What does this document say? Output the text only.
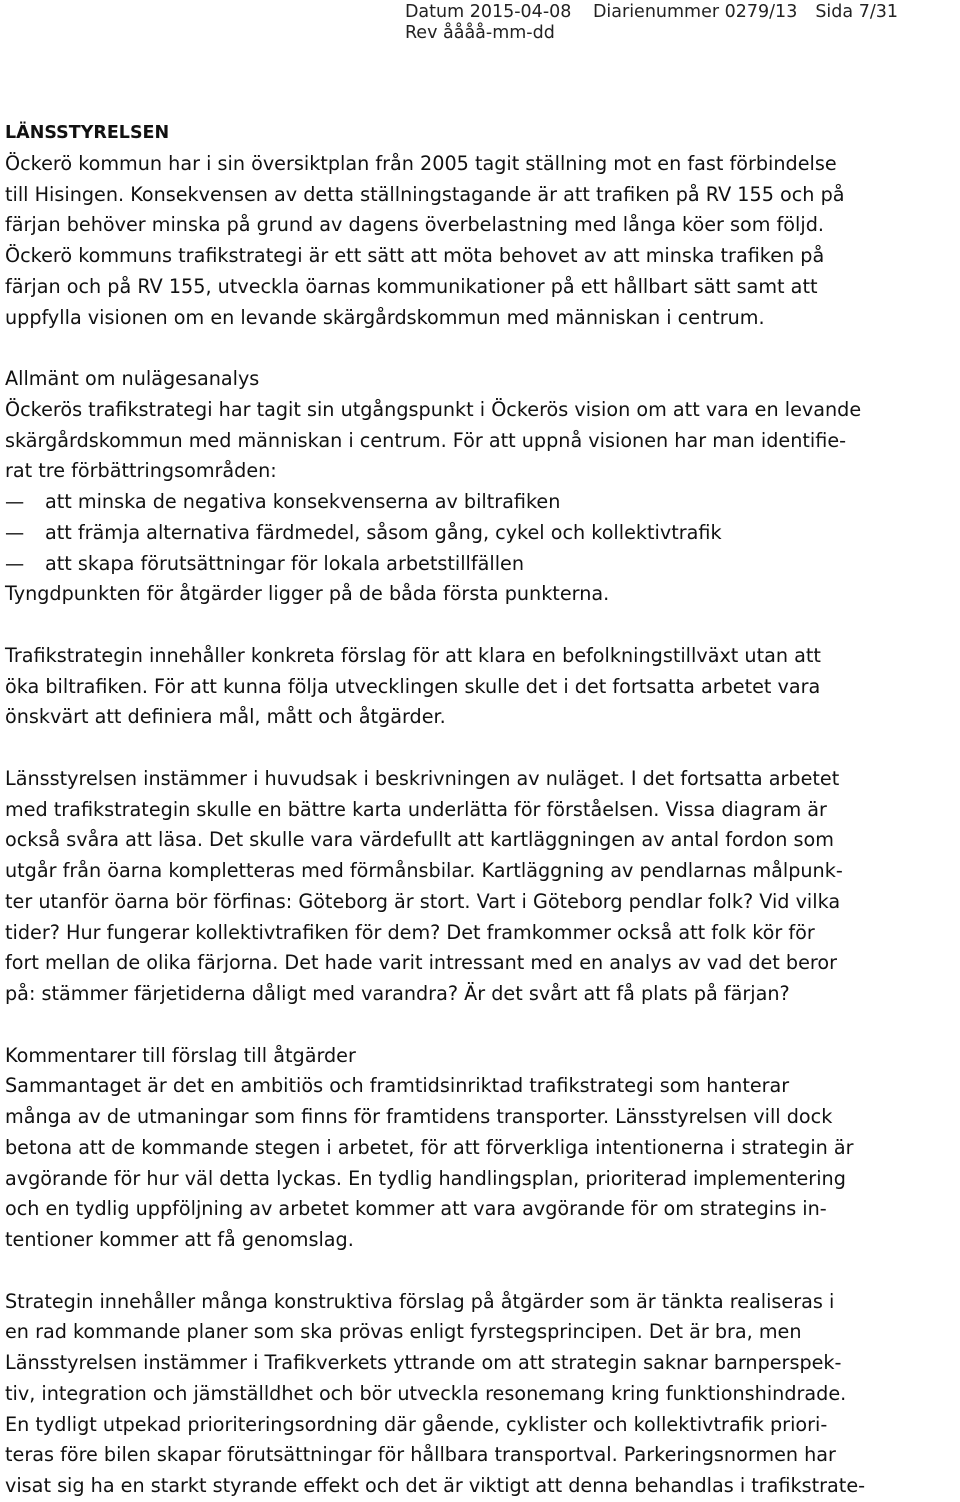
Datum 2015-04-08 Diarienummer 0279/13 Sida 7/31
Rev åååå-mm-dd

LÄNSSTYRELSEN

Öckerö kommun har i sin översiktplan från 2005 tagit ställning mot en fast förbindelse

till Hisingen. Konsekvensen av detta ställningstagande är att trafiken på RV 155 och på

färjan behöver minska på grund av dagens överbelastning med långa köer som följd.

Öckerö kommuns trafikstrategi är ett sätt att möta behovet av att minska trafiken på

färjan och på RV 155, utveckla öarnas kommunikationer på ett hållbart sätt samt att

uppfylla visionen om en levande skärgårdskommun med människan i centrum.

Allmänt om nulägesanalys

Öckerös trafikstrategi har tagit sin utgångspunkt i Öckerös vision om att vara en levande

skärgårdskommun med människan i centrum. För att uppnå visionen har man identifie-

rat tre förbättringsområden:

— att minska de negativa konsekvenserna av biltrafiken

— att främja alternativa färdmedel, såsom gång, cykel och kollektivtrafik

— att skapa förutsättningar för lokala arbetstillfällen

Tyngdpunkten för åtgärder ligger på de båda första punkterna.

Trafikstrategin innehåller konkreta förslag för att klara en befolkningstillväxt utan att

öka biltrafiken. För att kunna följa utvecklingen skulle det i det fortsatta arbetet vara

önskvärt att definiera mål, mått och åtgärder.

Länsstyrelsen instämmer i huvudsak i beskrivningen av nuläget. I det fortsatta arbetet

med trafikstrategin skulle en bättre karta underlätta för förståelsen. Vissa diagram är

också svåra att läsa. Det skulle vara värdefullt att kartläggningen av antal fordon som

utgår från öarna kompletteras med förmånsbilar. Kartläggning av pendlarnas målpunk-

ter utanför öarna bör förfinas: Göteborg är stort. Vart i Göteborg pendlar folk? Vid vilka

tider? Hur fungerar kollektivtrafiken för dem? Det framkommer också att folk kör för

fort mellan de olika färjorna. Det hade varit intressant med en analys av vad det beror

på: stämmer färjetiderna dåligt med varandra? Är det svårt att få plats på färjan?

Kommentarer till förslag till åtgärder

Sammantaget är det en ambitiös och framtidsinriktad trafikstrategi som hanterar

många av de utmaningar som finns för framtidens transporter. Länsstyrelsen vill dock

betona att de kommande stegen i arbetet, för att förverkliga intentionerna i strategin är

avgörande för hur väl detta lyckas. En tydlig handlingsplan, prioriterad implementering

och en tydlig uppföljning av arbetet kommer att vara avgörande för om strategins in-

tentioner kommer att få genomslag.

Strategin innehåller många konstruktiva förslag på åtgärder som är tänkta realiseras i

en rad kommande planer som ska prövas enligt fyrstegsprincipen. Det är bra, men

Länsstyrelsen instämmer i Trafikverkets yttrande om att strategin saknar barnperspek-

tiv, integration och jämställdhet och bör utveckla resonemang kring funktionshindrade.

En tydligt utpekad prioriteringsordning där gående, cyklister och kollektivtrafik priori-

teras före bilen skapar förutsättningar för hållbara transportval. Parkeringsnormen har

visat sig ha en starkt styrande effekt och det är viktigt att denna behandlas i trafikstrate-
